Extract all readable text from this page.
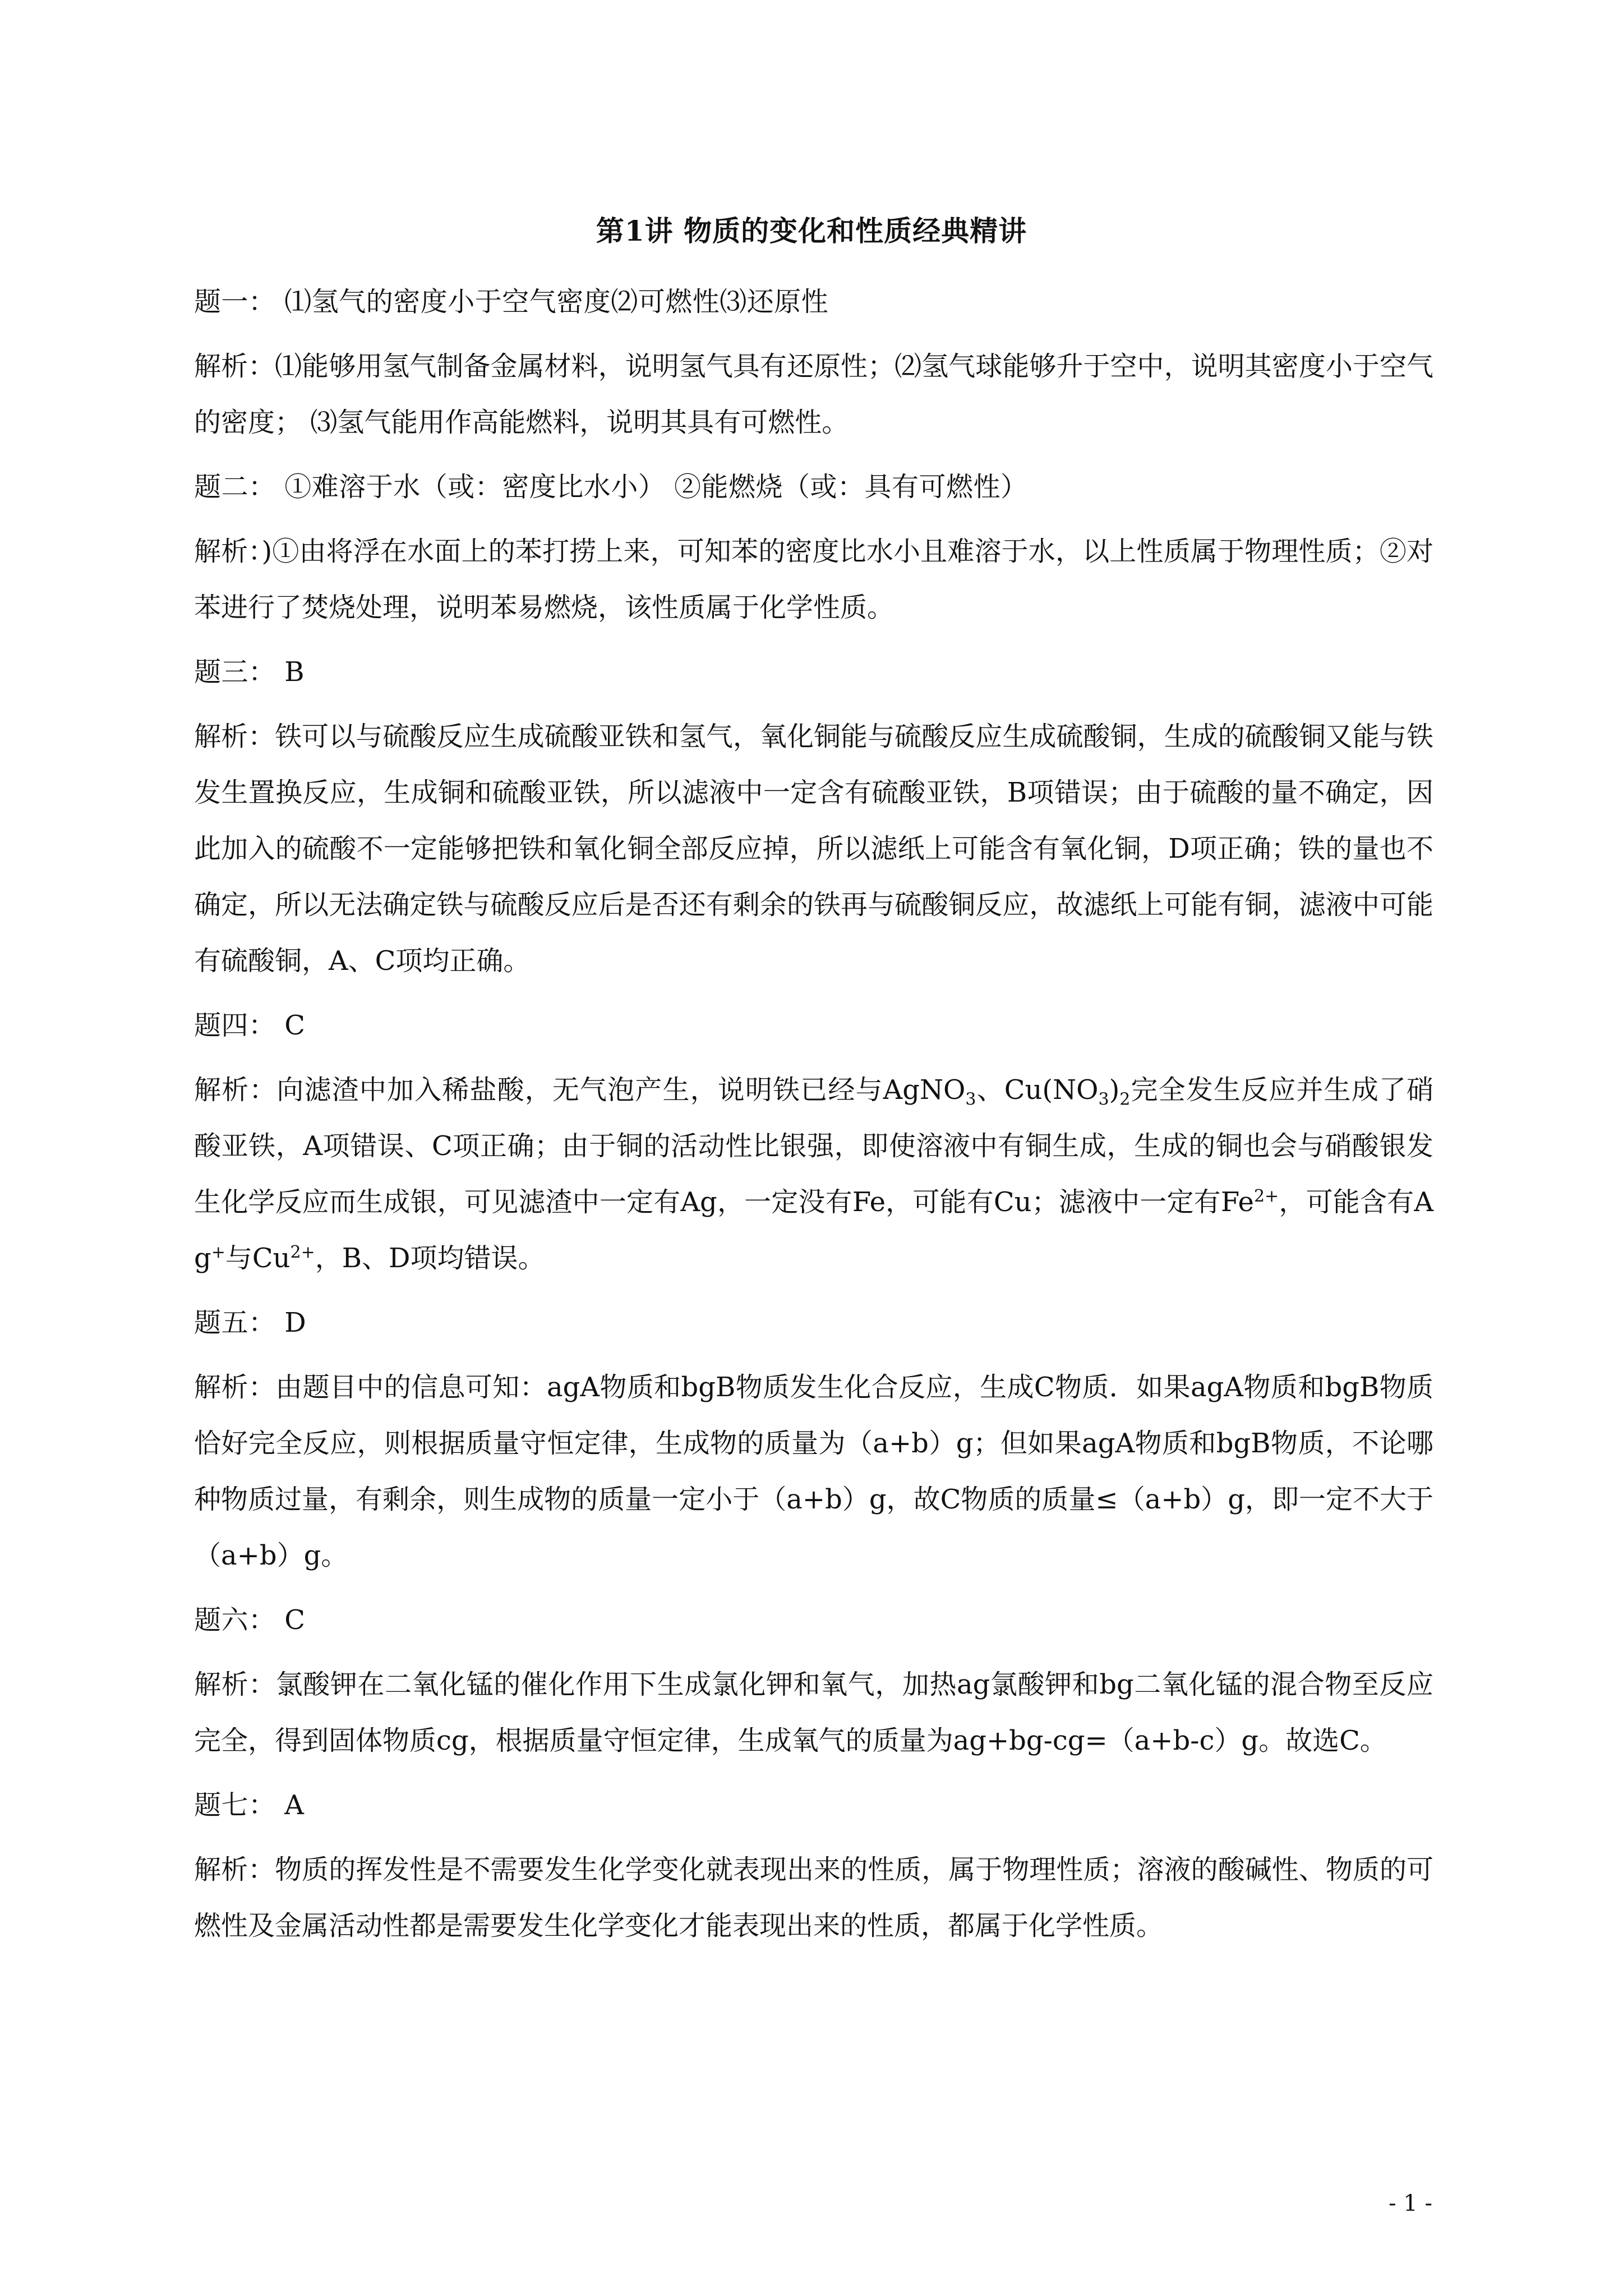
第1讲 物质的变化和性质经典精讲

题一： ⑴氢气的密度小于空气密度⑵可燃性⑶还原性

解析：⑴能够用氢气制备金属材料，说明氢气具有还原性；⑵氢气球能够升于空中，说明其密度小于空气的密度； ⑶氢气能用作高能燃料，说明其具有可燃性。

题二： ①难溶于水（或：密度比水小） ②能燃烧（或：具有可燃性）

解析：)①由将浮在水面上的苯打捞上来，可知苯的密度比水小且难溶于水，以上性质属于物理性质；②对苯进行了焚烧处理，说明苯易燃烧，该性质属于化学性质。

题三： B

解析：铁可以与硫酸反应生成硫酸亚铁和氢气，氧化铜能与硫酸反应生成硫酸铜，生成的硫酸铜又能与铁发生置换反应，生成铜和硫酸亚铁，所以滤液中一定含有硫酸亚铁，B项错误；由于硫酸的量不确定，因此加入的硫酸不一定能够把铁和氧化铜全部反应掉，所以滤纸上可能含有氧化铜，D项正确；铁的量也不确定，所以无法确定铁与硫酸反应后是否还有剩余的铁再与硫酸铜反应，故滤纸上可能有铜，滤液中可能有硫酸铜，A、C项均正确。

题四： C

解析：向滤渣中加入稀盐酸，无气泡产生，说明铁已经与AgNO$_3$、$Cu(NO_3)_2$完全发生反应并生成了硝酸亚铁，A项错误、C项正确；由于铜的活动性比银强，即使溶液中有铜生成，生成的铜也会与硝酸银发生化学反应而生成银，可见滤渣中一定有Ag，一定没有Fe，可能有Cu；滤液中一定有$Fe^{2+}$，可能含有Ag+与$Cu^{2+}$，B、D项均错误。

题五： D

解析：由题目中的信息可知：agA物质和bgB物质发生化合反应，生成C物质．如果agA物质和bgB物质恰好完全反应，则根据质量守恒定律，生成物的质量为（a+b）g；但如果agA物质和bgB物质，不论哪种物质过量，有剩余，则生成物的质量一定小于（a+b）g，故C物质的质量≤（a+b）g，即一定不大于（a+b）g。

题六： C

解析：氯酸钾在二氧化锰的催化作用下生成氯化钾和氧气，加热ag氯酸钾和bg二氧化锰的混合物至反应完全，得到固体物质cg，根据质量守恒定律，生成氧气的质量为ag+bg-cg=（a+b-c）g。故选C。

题七： A

解析：物质的挥发性是不需要发生化学变化就表现出来的性质，属于物理性质；溶液的酸碱性、物质的可燃性及金属活动性都是需要发生化学变化才能表现出来的性质，都属于化学性质。

- 1 -
